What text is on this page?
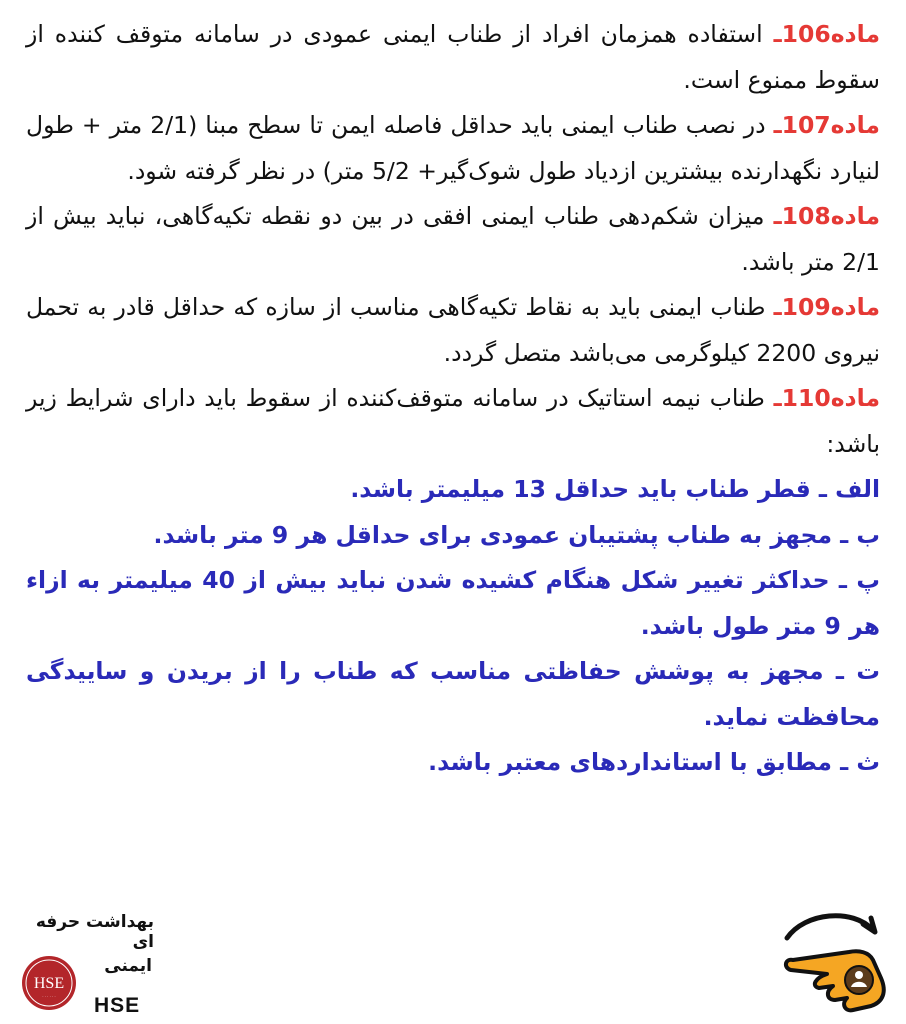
ماده106ـ استفاده همزمان افراد از طناب ایمنی عمودی در سامانه متوقف کننده از سقوط ممنوع است.

ماده107ـ در نصب طناب ایمنی باید حداقل فاصله ایمن تا سطح مبنا (2/1 متر + طول لنیارد نگهدارنده بیشترین ازدیاد طول شوک‌گیر+ 5/2 متر) در نظر گرفته شود.

ماده108ـ میزان شکم‌دهی طناب ایمنی افقی در بین دو نقطه تکیه‌گاهی، نباید بیش از 2/1 متر باشد.

ماده109ـ طناب ایمنی باید به نقاط تکیه‌گاهی مناسب از سازه که حداقل قادر به تحمل نیروی 2200 کیلوگرمی می‌باشد متصل گردد.

ماده110ـ طناب نیمه استاتیک در سامانه متوقف‌کننده از سقوط باید دارای شرایط زیر باشد:

الف ـ قطر طناب باید حداقل 13 میلیمتر باشد.

ب ـ مجهز به طناب پشتیبان عمودی برای حداقل هر 9 متر باشد.

پ ـ حداکثر تغییر شکل هنگام کشیده شدن نباید بیش از 40 میلیمتر به ازاء هر 9 متر طول باشد.

ت ـ مجهز به پوشش حفاظتی مناسب که طناب را از بریدن و ساییدگی محافظت نماید.

ث ـ مطابق با استانداردهای معتبر باشد.

بهداشت حرفه ای
ایمنی
HSE
· · · · · · HSE
